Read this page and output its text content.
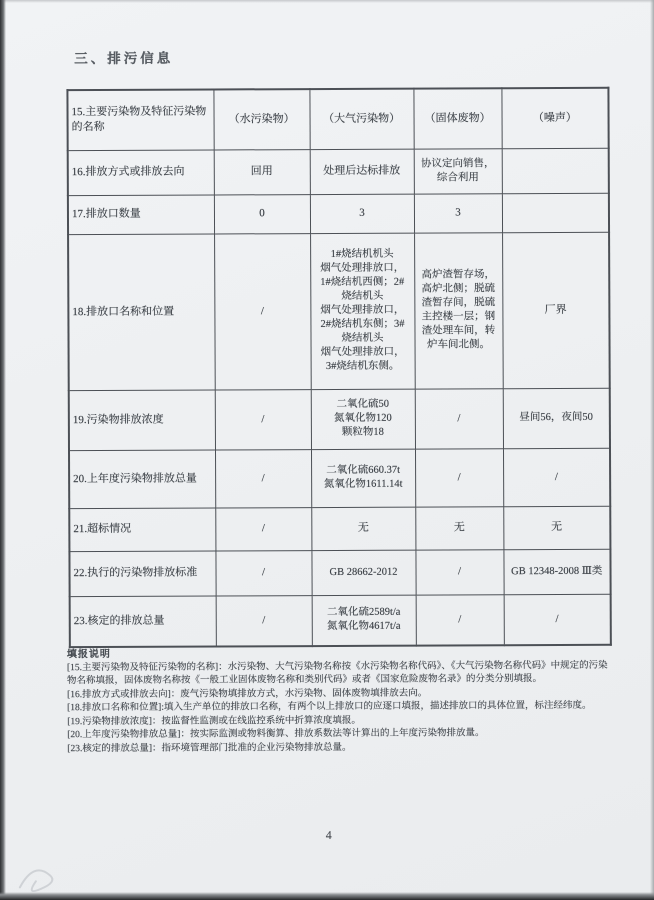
三、排污信息
15.主要污染物及特征污染物的名称	（水污染物）	（大气污染物）	（固体废物）	（噪声）
16.排放方式或排放去向	回用	处理后达标排放	协议定向销售，综合利用	
17.排放口数量	0	3	3	
18.排放口名称和位置	/	1#烧结机机头
烟气处理排放口，
1#烧结机西侧；2#
烧结机头
烟气处理排放口，
2#烧结机东侧；3#
烧结机头
烟气处理排放口，
3#烧结机东侧。	高炉渣暂存场，高炉北侧；脱硫渣暂存间，脱硫主控楼一层；钢渣处理车间，转炉车间北侧。	厂界
19.污染物排放浓度	/	二氧化硫50
氮氧化物120
颗粒物18	/	昼间56，夜间50
20.上年度污染物排放总量	/	二氧化硫660.37t
氮氧化物1611.14t	/	/
21.超标情况	/	无	无	无
22.执行的污染物排放标准	/	GB 28662-2012	/	GB 12348-2008 Ⅲ类
23.核定的排放总量	/	二氧化硫2589t/a
氮氧化物4617t/a	/	/
填报说明

[15.主要污染物及特征污染物的名称]：水污染物、大气污染物名称按《水污染物名称代码》、《大气污染物名称代码》中规定的污染物名称填报，固体废物名称按《一般工业固体废物名称和类别代码》或者《国家危险废物名录》的分类分别填报。

[16.排放方式或排放去向]：废气污染物填排放方式，水污染物、固体废物填排放去向。

[18.排放口名称和位置]:填入生产单位的排放口名称，有两个以上排放口的应逐口填报，描述排放口的具体位置，标注经纬度。

[19.污染物排放浓度]：按监督性监测或在线监控系统中折算浓度填报。

[20.上年度污染物排放总量]：按实际监测或物料衡算、排放系数法等计算出的上年度污染物排放量。

[23.核定的排放总量]：指环境管理部门批准的企业污染物排放总量。

4
